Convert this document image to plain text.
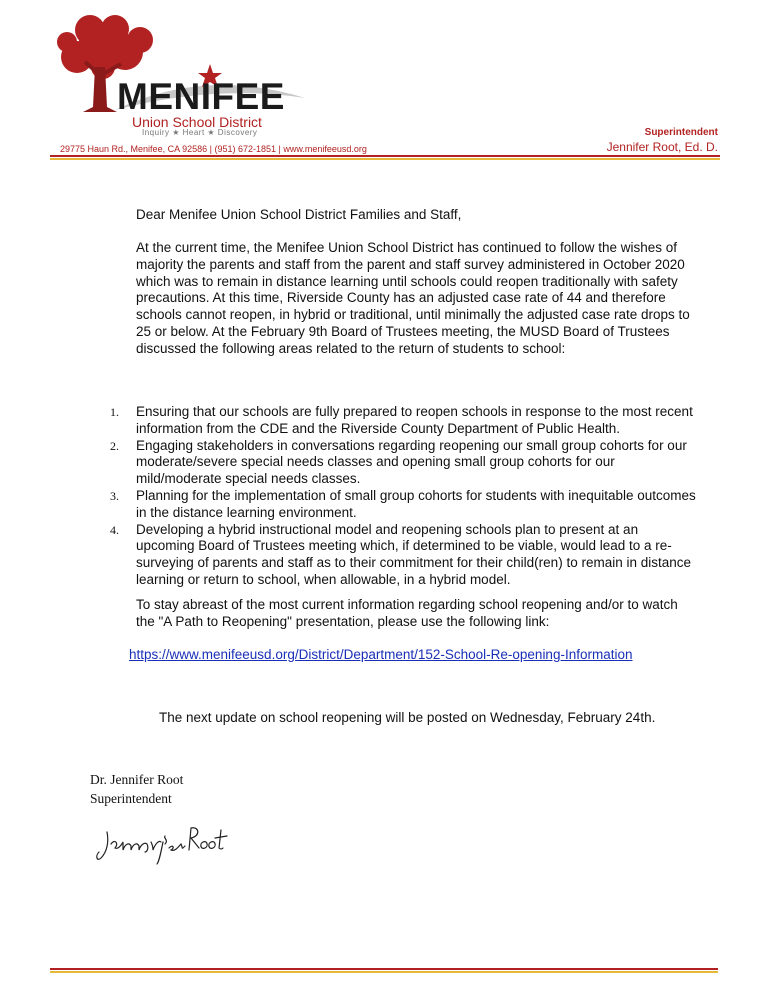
MENIFEE
Union School District
Inquiry ★ Heart ★ Discovery
29775 Haun Rd., Menifee, CA 92586 | (951) 672-1851 | www.menifeeusd.org
Superintendent
Jennifer Root, Ed. D.
Dear Menifee Union School District Families and Staff,
At the current time, the Menifee Union School District has continued to follow the wishes of majority the parents and staff from the parent and staff survey administered in October 2020 which was to remain in distance learning until schools could reopen traditionally with safety precautions. At this time, Riverside County has an adjusted case rate of 44 and therefore schools cannot reopen, in hybrid or traditional, until minimally the adjusted case rate drops to 25 or below. At the February 9th Board of Trustees meeting, the MUSD Board of Trustees discussed the following areas related to the return of students to school:
1. Ensuring that our schools are fully prepared to reopen schools in response to the most recent information from the CDE and the Riverside County Department of Public Health.
2. Engaging stakeholders in conversations regarding reopening our small group cohorts for our moderate/severe special needs classes and opening small group cohorts for our mild/moderate special needs classes.
3. Planning for the implementation of small group cohorts for students with inequitable outcomes in the distance learning environment.
4. Developing a hybrid instructional model and reopening schools plan to present at an upcoming Board of Trustees meeting which, if determined to be viable, would lead to a re-surveying of parents and staff as to their commitment for their child(ren) to remain in distance learning or return to school, when allowable, in a hybrid model.
To stay abreast of the most current information regarding school reopening and/or to watch the "A Path to Reopening" presentation, please use the following link:
https://www.menifeeusd.org/District/Department/152-School-Re-opening-Information
The next update on school reopening will be posted on Wednesday, February 24th.
Dr. Jennifer Root
Superintendent
